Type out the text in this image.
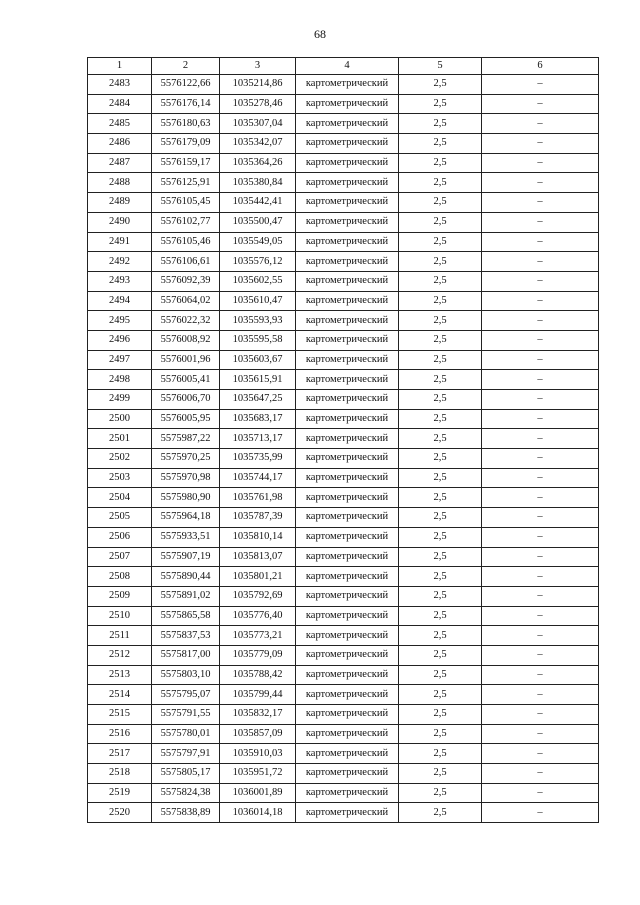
68
1	2	3	4	5	6
2483	5576122,66	1035214,86	картометрический	2,5	–
2484	5576176,14	1035278,46	картометрический	2,5	–
2485	5576180,63	1035307,04	картометрический	2,5	–
2486	5576179,09	1035342,07	картометрический	2,5	–
2487	5576159,17	1035364,26	картометрический	2,5	–
2488	5576125,91	1035380,84	картометрический	2,5	–
2489	5576105,45	1035442,41	картометрический	2,5	–
2490	5576102,77	1035500,47	картометрический	2,5	–
2491	5576105,46	1035549,05	картометрический	2,5	–
2492	5576106,61	1035576,12	картометрический	2,5	–
2493	5576092,39	1035602,55	картометрический	2,5	–
2494	5576064,02	1035610,47	картометрический	2,5	–
2495	5576022,32	1035593,93	картометрический	2,5	–
2496	5576008,92	1035595,58	картометрический	2,5	–
2497	5576001,96	1035603,67	картометрический	2,5	–
2498	5576005,41	1035615,91	картометрический	2,5	–
2499	5576006,70	1035647,25	картометрический	2,5	–
2500	5576005,95	1035683,17	картометрический	2,5	–
2501	5575987,22	1035713,17	картометрический	2,5	–
2502	5575970,25	1035735,99	картометрический	2,5	–
2503	5575970,98	1035744,17	картометрический	2,5	–
2504	5575980,90	1035761,98	картометрический	2,5	–
2505	5575964,18	1035787,39	картометрический	2,5	–
2506	5575933,51	1035810,14	картометрический	2,5	–
2507	5575907,19	1035813,07	картометрический	2,5	–
2508	5575890,44	1035801,21	картометрический	2,5	–
2509	5575891,02	1035792,69	картометрический	2,5	–
2510	5575865,58	1035776,40	картометрический	2,5	–
2511	5575837,53	1035773,21	картометрический	2,5	–
2512	5575817,00	1035779,09	картометрический	2,5	–
2513	5575803,10	1035788,42	картометрический	2,5	–
2514	5575795,07	1035799,44	картометрический	2,5	–
2515	5575791,55	1035832,17	картометрический	2,5	–
2516	5575780,01	1035857,09	картометрический	2,5	–
2517	5575797,91	1035910,03	картометрический	2,5	–
2518	5575805,17	1035951,72	картометрический	2,5	–
2519	5575824,38	1036001,89	картометрический	2,5	–
2520	5575838,89	1036014,18	картометрический	2,5	–
